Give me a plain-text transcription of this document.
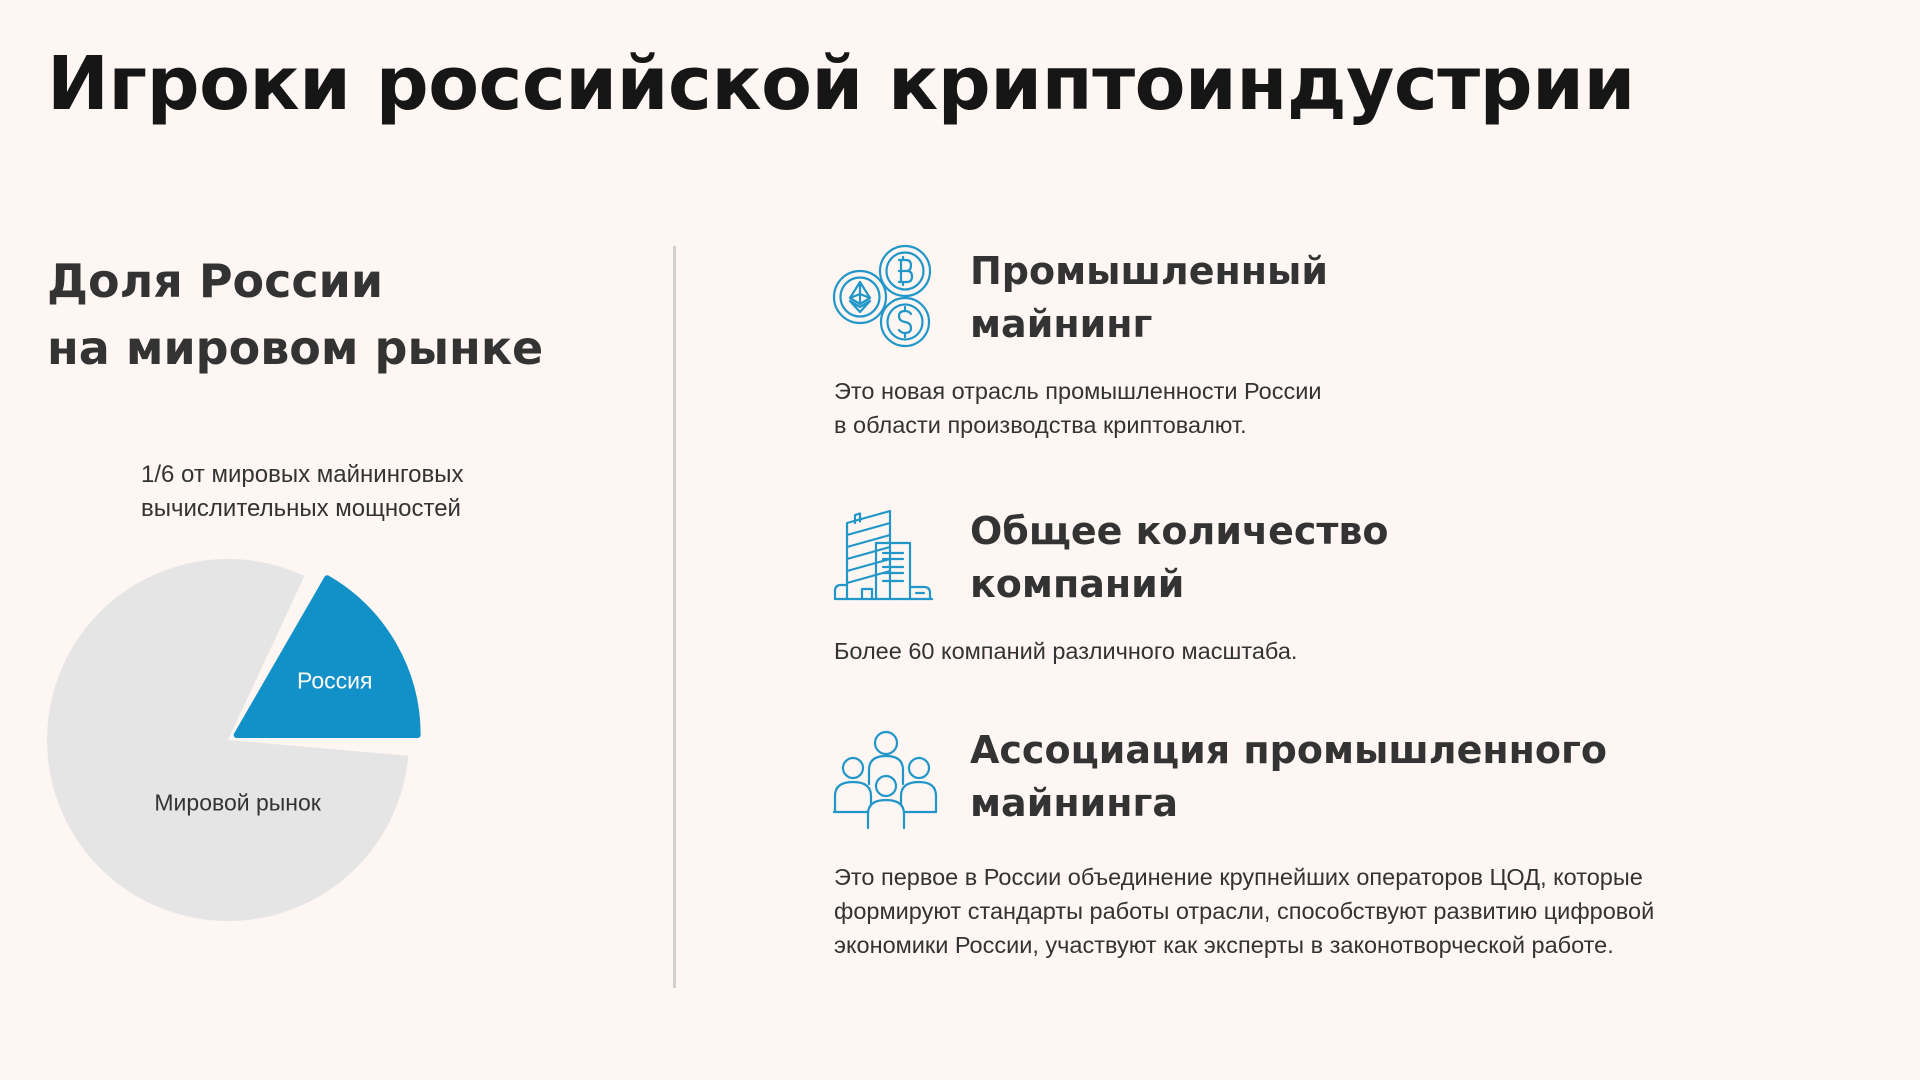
Игроки российской криптоиндустрии
Доля России
на мировом рынке
1/6 от мировых майнинговых
вычислительных мощностей
Россия
Мировой рынок
Промышленный
майнинг

Это новая отрасль промышленности России
в области производства криптовалют.

Общее количество
компаний

Более 60 компаний различного масштаба.

Ассоциация промышленного
майнинга

Это первое в России объединение крупнейших операторов ЦОД, которые
формируют стандарты работы отрасли, способствуют развитию цифровой
экономики России, участвуют как эксперты в законотворческой работе.
